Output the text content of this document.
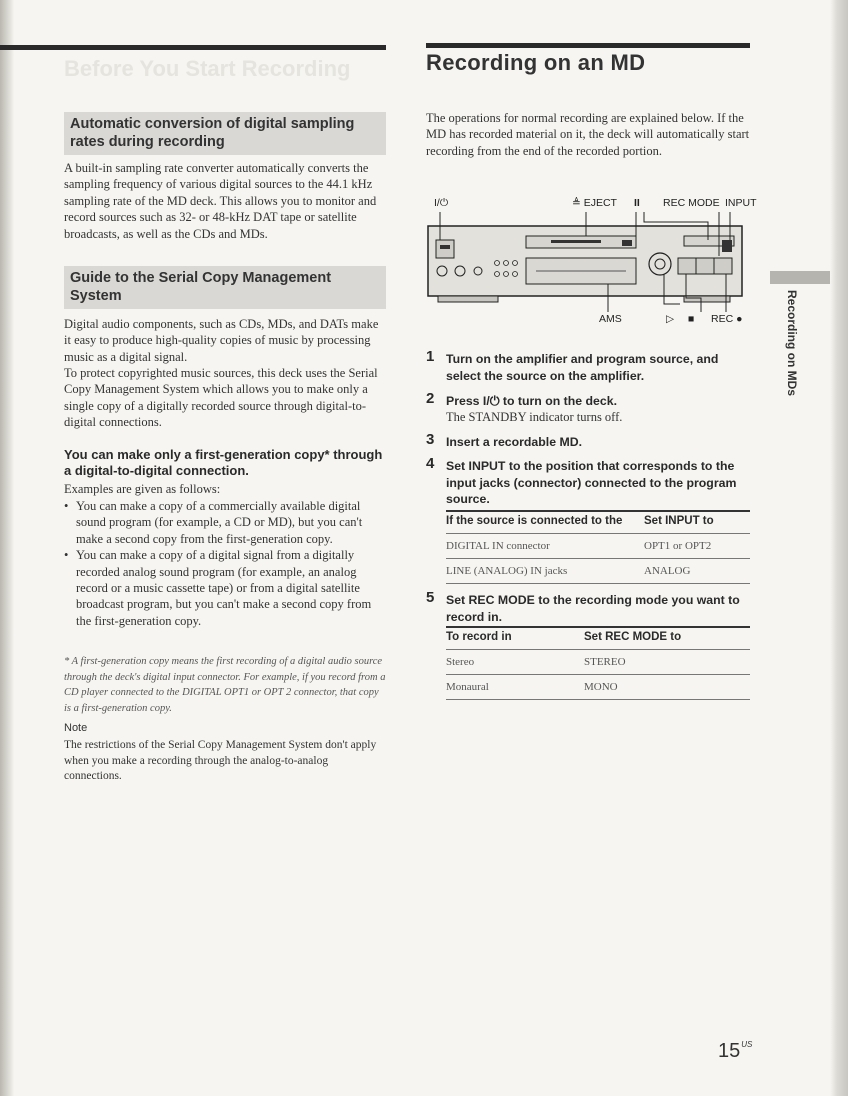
Before You Start Recording	Recording on an MD
Automatic conversion of digital sampling rates during recording
A built-in sampling rate converter automatically converts the sampling frequency of various digital sources to the 44.1 kHz sampling rate of the MD deck. This allows you to monitor and record sources such as 32- or 48-kHz DAT tape or satellite broadcasts, as well as the CDs and MDs.
Guide to the Serial Copy Management System
Digital audio components, such as CDs, MDs, and DATs make it easy to produce high-quality copies of music by processing music as a digital signal.
To protect copyrighted music sources, this deck uses the Serial Copy Management System which allows you to make only a single copy of a digitally recorded source through digital-to-digital connections.
You can make only a first-generation copy* through a digital-to-digital connection.
Examples are given as follows:
• You can make a copy of a commercially available digital sound program (for example, a CD or MD), but you can't make a second copy from the first-generation copy.
• You can make a copy of a digital signal from a digitally recorded analog sound program (for example, an analog record or a music cassette tape) or from a digital satellite broadcast program, but you can't make a second copy from the first-generation copy.
* A first-generation copy means the first recording of a digital audio source through the deck's digital input connector. For example, if you record from a CD player connected to the DIGITAL OPT1 or OPT 2 connector, that copy is a first-generation copy.
Note
The restrictions of the Serial Copy Management System don't apply when you make a recording through the analog-to-analog connections.
The operations for normal recording are explained below. If the MD has recorded material on it, the deck will automatically start recording from the end of the recorded portion.
I/⏻	≜ EJECT II REC MODE INPUT
AMS	▷ ■ REC ●
1 Turn on the amplifier and program source, and select the source on the amplifier.
2 Press I/⏻ to turn on the deck.
The STANDBY indicator turns off.
3 Insert a recordable MD.
4 Set INPUT to the position that corresponds to the input jacks (connector) connected to the program source.
If the source is connected to the	Set INPUT to
DIGITAL IN connector	OPT1 or OPT2
LINE (ANALOG) IN jacks	ANALOG
5 Set REC MODE to the recording mode you want to record in.
To record in	Set REC MODE to
Stereo	STEREO
Monaural	MONO
Recording on MDs
$15^{US}$
